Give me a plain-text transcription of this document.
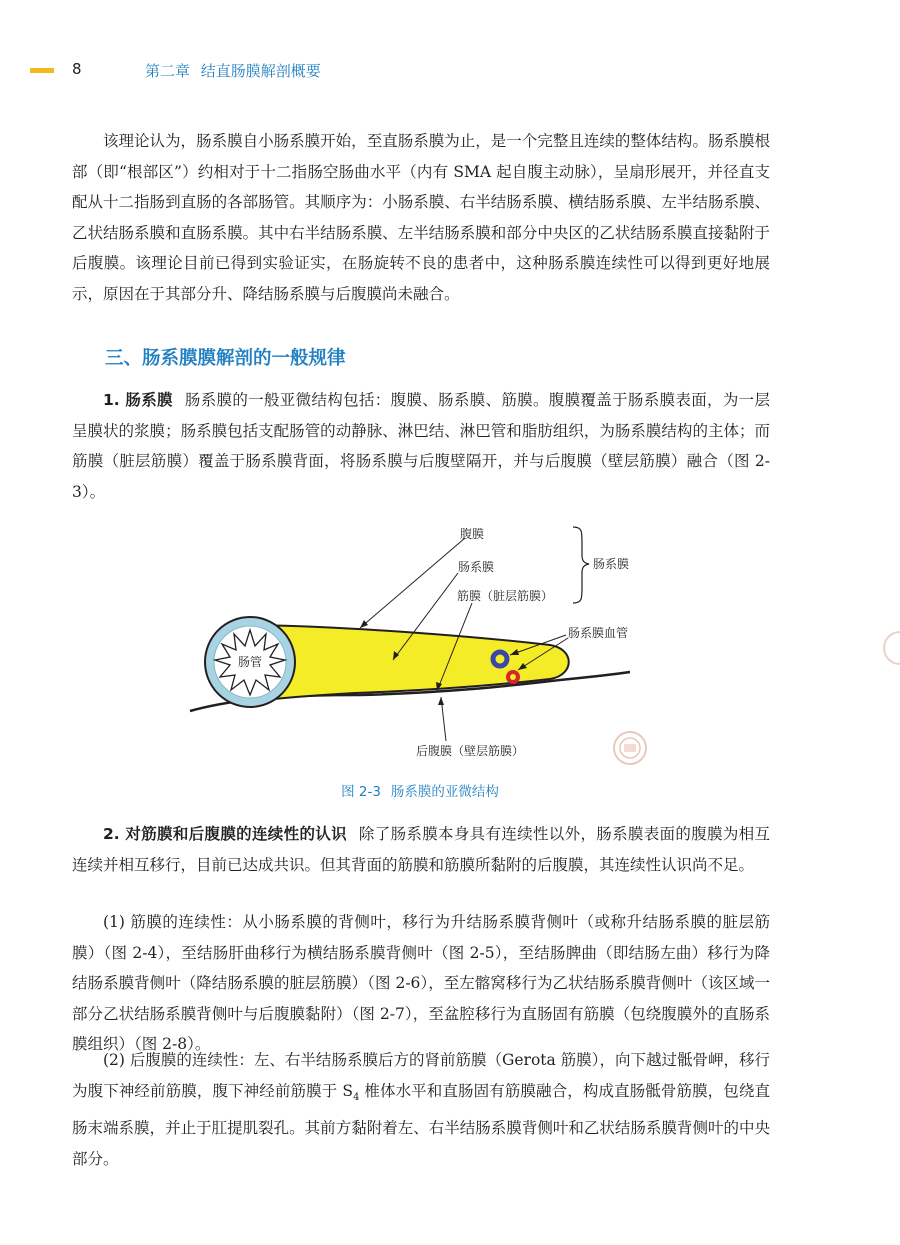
8	第二章 结直肠膜解剖概要

该理论认为，肠系膜自小肠系膜开始，至直肠系膜为止，是一个完整且连续的整体结构。肠系膜根部（即“根部区”）约相对于十二指肠空肠曲水平（内有 SMA 起自腹主动脉），呈扇形展开，并径直支配从十二指肠到直肠的各部肠管。其顺序为：小肠系膜、右半结肠系膜、横结肠系膜、左半结肠系膜、乙状结肠系膜和直肠系膜。其中右半结肠系膜、左半结肠系膜和部分中央区的乙状结肠系膜直接黏附于后腹膜。该理论目前已得到实验证实，在肠旋转不良的患者中，这种肠系膜连续性可以得到更好地展示，原因在于其部分升、降结肠系膜与后腹膜尚未融合。

三、肠系膜膜解剖的一般规律

1. 肠系膜 肠系膜的一般亚微结构包括：腹膜、肠系膜、筋膜。腹膜覆盖于肠系膜表面，为一层呈膜状的浆膜；肠系膜包括支配肠管的动静脉、淋巴结、淋巴管和脂肪组织，为肠系膜结构的主体；而筋膜（脏层筋膜）覆盖于肠系膜背面，将肠系膜与后腹壁隔开，并与后腹膜（壁层筋膜）融合（图 2-3）。

肠管
腹膜
肠系膜
筋膜（脏层筋膜）
肠系膜
肠系膜血管
后腹膜（壁层筋膜）
图 2-3 肠系膜的亚微结构

2. 对筋膜和后腹膜的连续性的认识 除了肠系膜本身具有连续性以外，肠系膜表面的腹膜为相互连续并相互移行，目前已达成共识。但其背面的筋膜和筋膜所黏附的后腹膜，其连续性认识尚不足。

(1) 筋膜的连续性：从小肠系膜的背侧叶，移行为升结肠系膜背侧叶（或称升结肠系膜的脏层筋膜）（图 2-4），至结肠肝曲移行为横结肠系膜背侧叶（图 2-5），至结肠脾曲（即结肠左曲）移行为降结肠系膜背侧叶（降结肠系膜的脏层筋膜）（图 2-6），至左髂窝移行为乙状结肠系膜背侧叶（该区域一部分乙状结肠系膜背侧叶与后腹膜黏附）（图 2-7），至盆腔移行为直肠固有筋膜（包绕腹膜外的直肠系膜组织）（图 2-8）。

(2) 后腹膜的连续性：左、右半结肠系膜后方的肾前筋膜（Gerota 筋膜），向下越过骶骨岬，移行为腹下神经前筋膜，腹下神经前筋膜于 $S_4$ 椎体水平和直肠固有筋膜融合，构成直肠骶骨筋膜，包绕直肠末端系膜，并止于肛提肌裂孔。其前方黏附着左、右半结肠系膜背侧叶和乙状结肠系膜背侧叶的中央部分。
